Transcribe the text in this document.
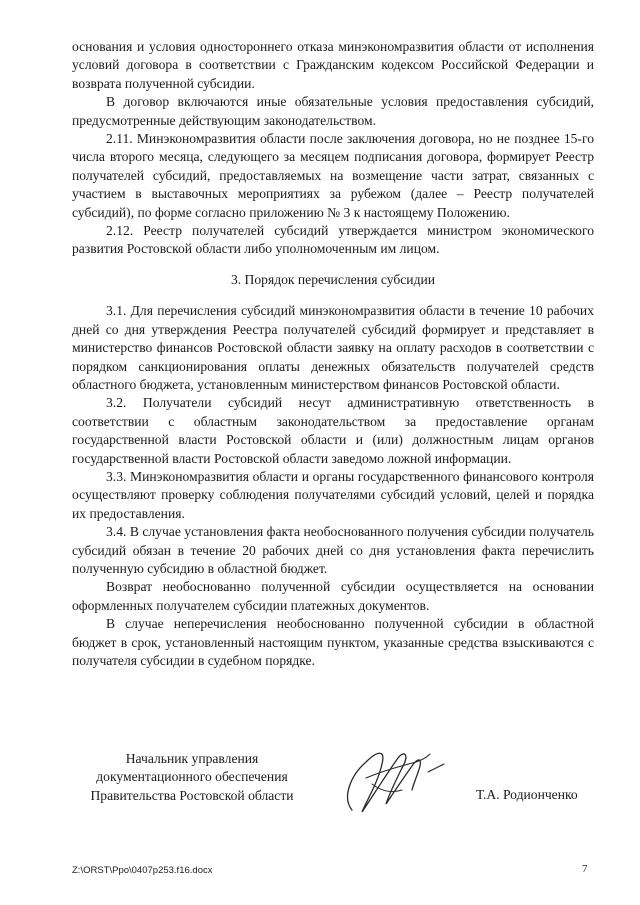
основания и условия одностороннего отказа минэкономразвития области от исполнения условий договора в соответствии с Гражданским кодексом Российской Федерации и возврата полученной субсидии.

В договор включаются иные обязательные условия предоставления субсидий, предусмотренные действующим законодательством.

2.11. Минэкономразвития области после заключения договора, но не позднее 15-го числа второго месяца, следующего за месяцем подписания договора, формирует Реестр получателей субсидий, предоставляемых на возмещение части затрат, связанных с участием в выставочных мероприятиях за рубежом (далее – Реестр получателей субсидий), по форме согласно приложению № 3 к настоящему Положению.

2.12. Реестр получателей субсидий утверждается министром экономического развития Ростовской области либо уполномоченным им лицом.

3. Порядок перечисления субсидии

3.1. Для перечисления субсидий минэкономразвития области в течение 10 рабочих дней со дня утверждения Реестра получателей субсидий формирует и представляет в министерство финансов Ростовской области заявку на оплату расходов в соответствии с порядком санкционирования оплаты денежных обязательств получателей средств областного бюджета, установленным министерством финансов Ростовской области.

3.2. Получатели субсидий несут административную ответственность в соответствии с областным законодательством за предоставление органам государственной власти Ростовской области и (или) должностным лицам органов государственной власти Ростовской области заведомо ложной информации.

3.3. Минэкономразвития области и органы государственного финансового контроля осуществляют проверку соблюдения получателями субсидий условий, целей и порядка их предоставления.

3.4. В случае установления факта необоснованного получения субсидии получатель субсидий обязан в течение 20 рабочих дней со дня установления факта перечислить полученную субсидию в областной бюджет.

Возврат необоснованно полученной субсидии осуществляется на основании оформленных получателем субсидии платежных документов.

В случае неперечисления необоснованно полученной субсидии в областной бюджет в срок, установленный настоящим пунктом, указанные средства взыскиваются с получателя субсидии в судебном порядке.

Начальник управления
документационного обеспечения
Правительства Ростовской области	Т.А. Родионченко
Z:\ORST\Ppo\0407p253.f16.docx	7
